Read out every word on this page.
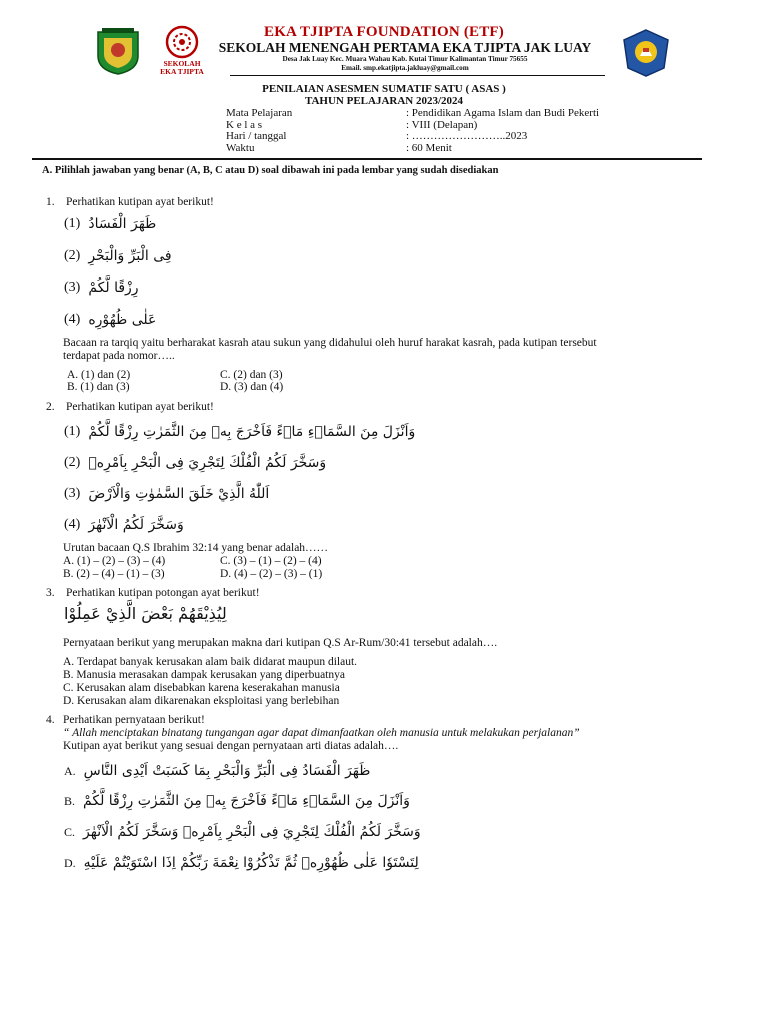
SEKOLAH
EKA TJIPTA
EKA TJIPTA FOUNDATION (ETF)
SEKOLAH MENENGAH PERTAMA EKA TJIPTA JAK LUAY
Desa Jak Luay Kec. Muara Wahau Kab. Kutai Timur Kalimantan Timur 75655
Email. smp.ekatjipta.jakluay@gmail.com
PENILAIAN ASESMEN SUMATIF SATU ( ASAS )
TAHUN PELAJARAN 2023/2024
Mata Pelajaran	: Pendidikan Agama Islam dan Budi Pekerti
K e l a s	: VIII (Delapan)
Hari / tanggal	: ……………………..2023
Waktu	: 60 Menit
A. Pilihlah jawaban yang benar (A, B, C atau D) soal dibawah ini pada lembar yang sudah disediakan
1. Perhatikan kutipan ayat berikut!
(1) ظَهَرَ الْفَسَادُ
(2) فِى الْبَرِّ وَالْبَحْرِ
(3) رِزْقًا لَّكُمْ
(4) عَلٰى ظُهُوْرِه
Bacaan ra tarqiq yaitu berharakat kasrah atau sukun yang didahului oleh huruf harakat kasrah, pada kutipan tersebut
terdapat pada nomor…..
A. (1) dan (2)
B. (1) dan (3)
C. (2) dan (3)
D. (3) dan (4)
2. Perhatikan kutipan ayat berikut!
(1) وَاَنْزَلَ مِنَ السَّمَاۤءِ مَاۤءً فَاَخْرَجَ بِهٖ مِنَ الثَّمَرٰتِ رِزْقًا لَّكُمْ
(2) وَسَخَّرَ لَكُمُ الْفُلْكَ لِتَجْرِيَ فِى الْبَحْرِ بِاَمْرِهٖ
(3) اَللّٰهُ الَّذِيْ خَلَقَ السَّمٰوٰتِ وَالْاَرْضَ
(4) وَسَخَّرَ لَكُمُ الْاَنْهٰرَ
Urutan bacaan Q.S Ibrahim 32:14 yang benar adalah……
A. (1) – (2) – (3) – (4)
B. (2) – (4) – (1) – (3)
C. (3) – (1) – (2) – (4)
D. (4) – (2) – (3) – (1)
3. Perhatikan kutipan potongan ayat berikut!
لِيُذِيْقَهُمْ بَعْضَ الَّذِيْ عَمِلُوْا
Pernyataan berikut yang merupakan makna dari kutipan Q.S Ar-Rum/30:41 tersebut adalah….
A. Terdapat banyak kerusakan alam baik didarat maupun dilaut.
B. Manusia merasakan dampak kerusakan yang diperbuatnya
C. Kerusakan alam disebabkan karena keserakahan manusia
D. Kerusakan alam dikarenakan eksploitasi yang berlebihan
4. Perhatikan pernyataan berikut!
“ Allah menciptakan binatang tungangan agar dapat dimanfaatkan oleh manusia untuk melakukan perjalanan”
Kutipan ayat berikut yang sesuai dengan pernyataan arti diatas adalah….
A. ظَهَرَ الْفَسَادُ فِى الْبَرِّ وَالْبَحْرِ بِمَا كَسَبَتْ اَيْدِى النَّاسِ
B. وَاَنْزَلَ مِنَ السَّمَاۤءِ مَاۤءً فَاَخْرَجَ بِهٖ مِنَ الثَّمَرٰتِ رِزْقًا لَّكُمْ
C. وَسَخَّرَ لَكُمُ الْفُلْكَ لِتَجْرِيَ فِى الْبَحْرِ بِاَمْرِهٖ وَسَخَّرَ لَكُمُ الْاَنْهٰرَ
D. لِتَسْتَوٗا عَلٰى ظُهُوْرِهٖ ثُمَّ تَذْكُرُوْا نِعْمَةَ رَبِّكُمْ اِذَا اسْتَوَيْتُمْ عَلَيْهِ
